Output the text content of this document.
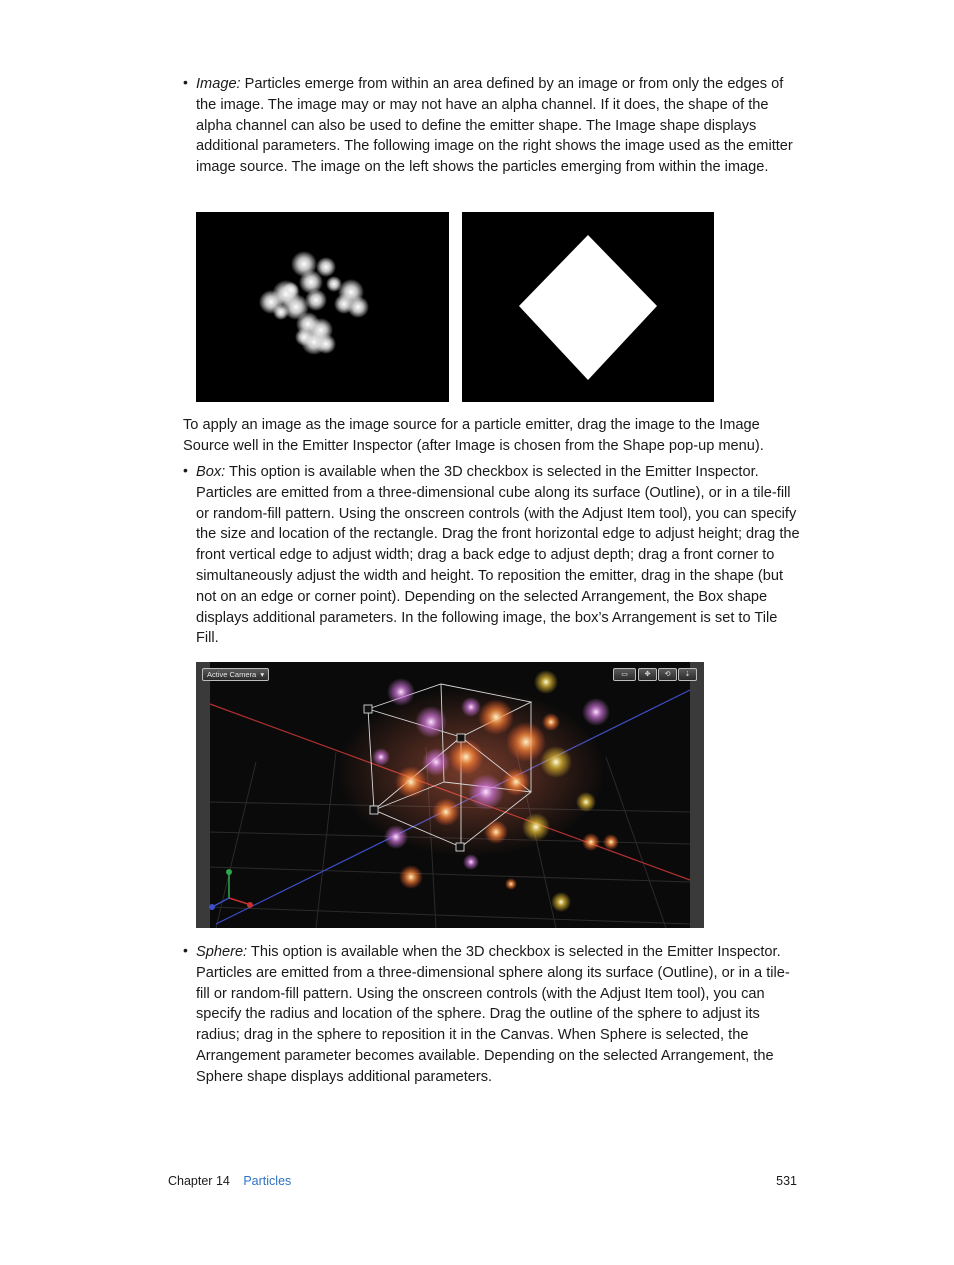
• Image: Particles emerge from within an area defined by an image or from only the edges of the image. The image may or may not have an alpha channel. If it does, the shape of the alpha channel can also be used to define the emitter shape. The Image shape displays additional parameters. The following image on the right shows the image used as the emitter image source. The image on the left shows the particles emerging from within the image.

To apply an image as the image source for a particle emitter, drag the image to the Image Source well in the Emitter Inspector (after Image is chosen from the Shape pop-up menu).

• Box: This option is available when the 3D checkbox is selected in the Emitter Inspector. Particles are emitted from a three-dimensional cube along its surface (Outline), or in a tile-fill or random-fill pattern. Using the onscreen controls (with the Adjust Item tool), you can specify the size and location of the rectangle. Drag the front horizontal edge to adjust height; drag the front vertical edge to adjust width; drag a back edge to adjust depth; drag a front corner to simultaneously adjust the width and height. To reposition the emitter, drag in the shape (but not on an edge or corner point). Depending on the selected Arrangement, the Box shape displays additional parameters. In the following image, the box’s Arrangement is set to Tile Fill.
Active Camera ▾	▭	✥	⟲	⇣
• Sphere: This option is available when the 3D checkbox is selected in the Emitter Inspector. Particles are emitted from a three-dimensional sphere along its surface (Outline), or in a tile-fill or random-fill pattern. Using the onscreen controls (with the Adjust Item tool), you can specify the radius and location of the sphere. Drag the outline of the sphere to adjust its radius; drag in the sphere to reposition it in the Canvas. When Sphere is selected, the Arrangement parameter becomes available. Depending on the selected Arrangement, the Sphere shape displays additional parameters.
Chapter 14 Particles	531
